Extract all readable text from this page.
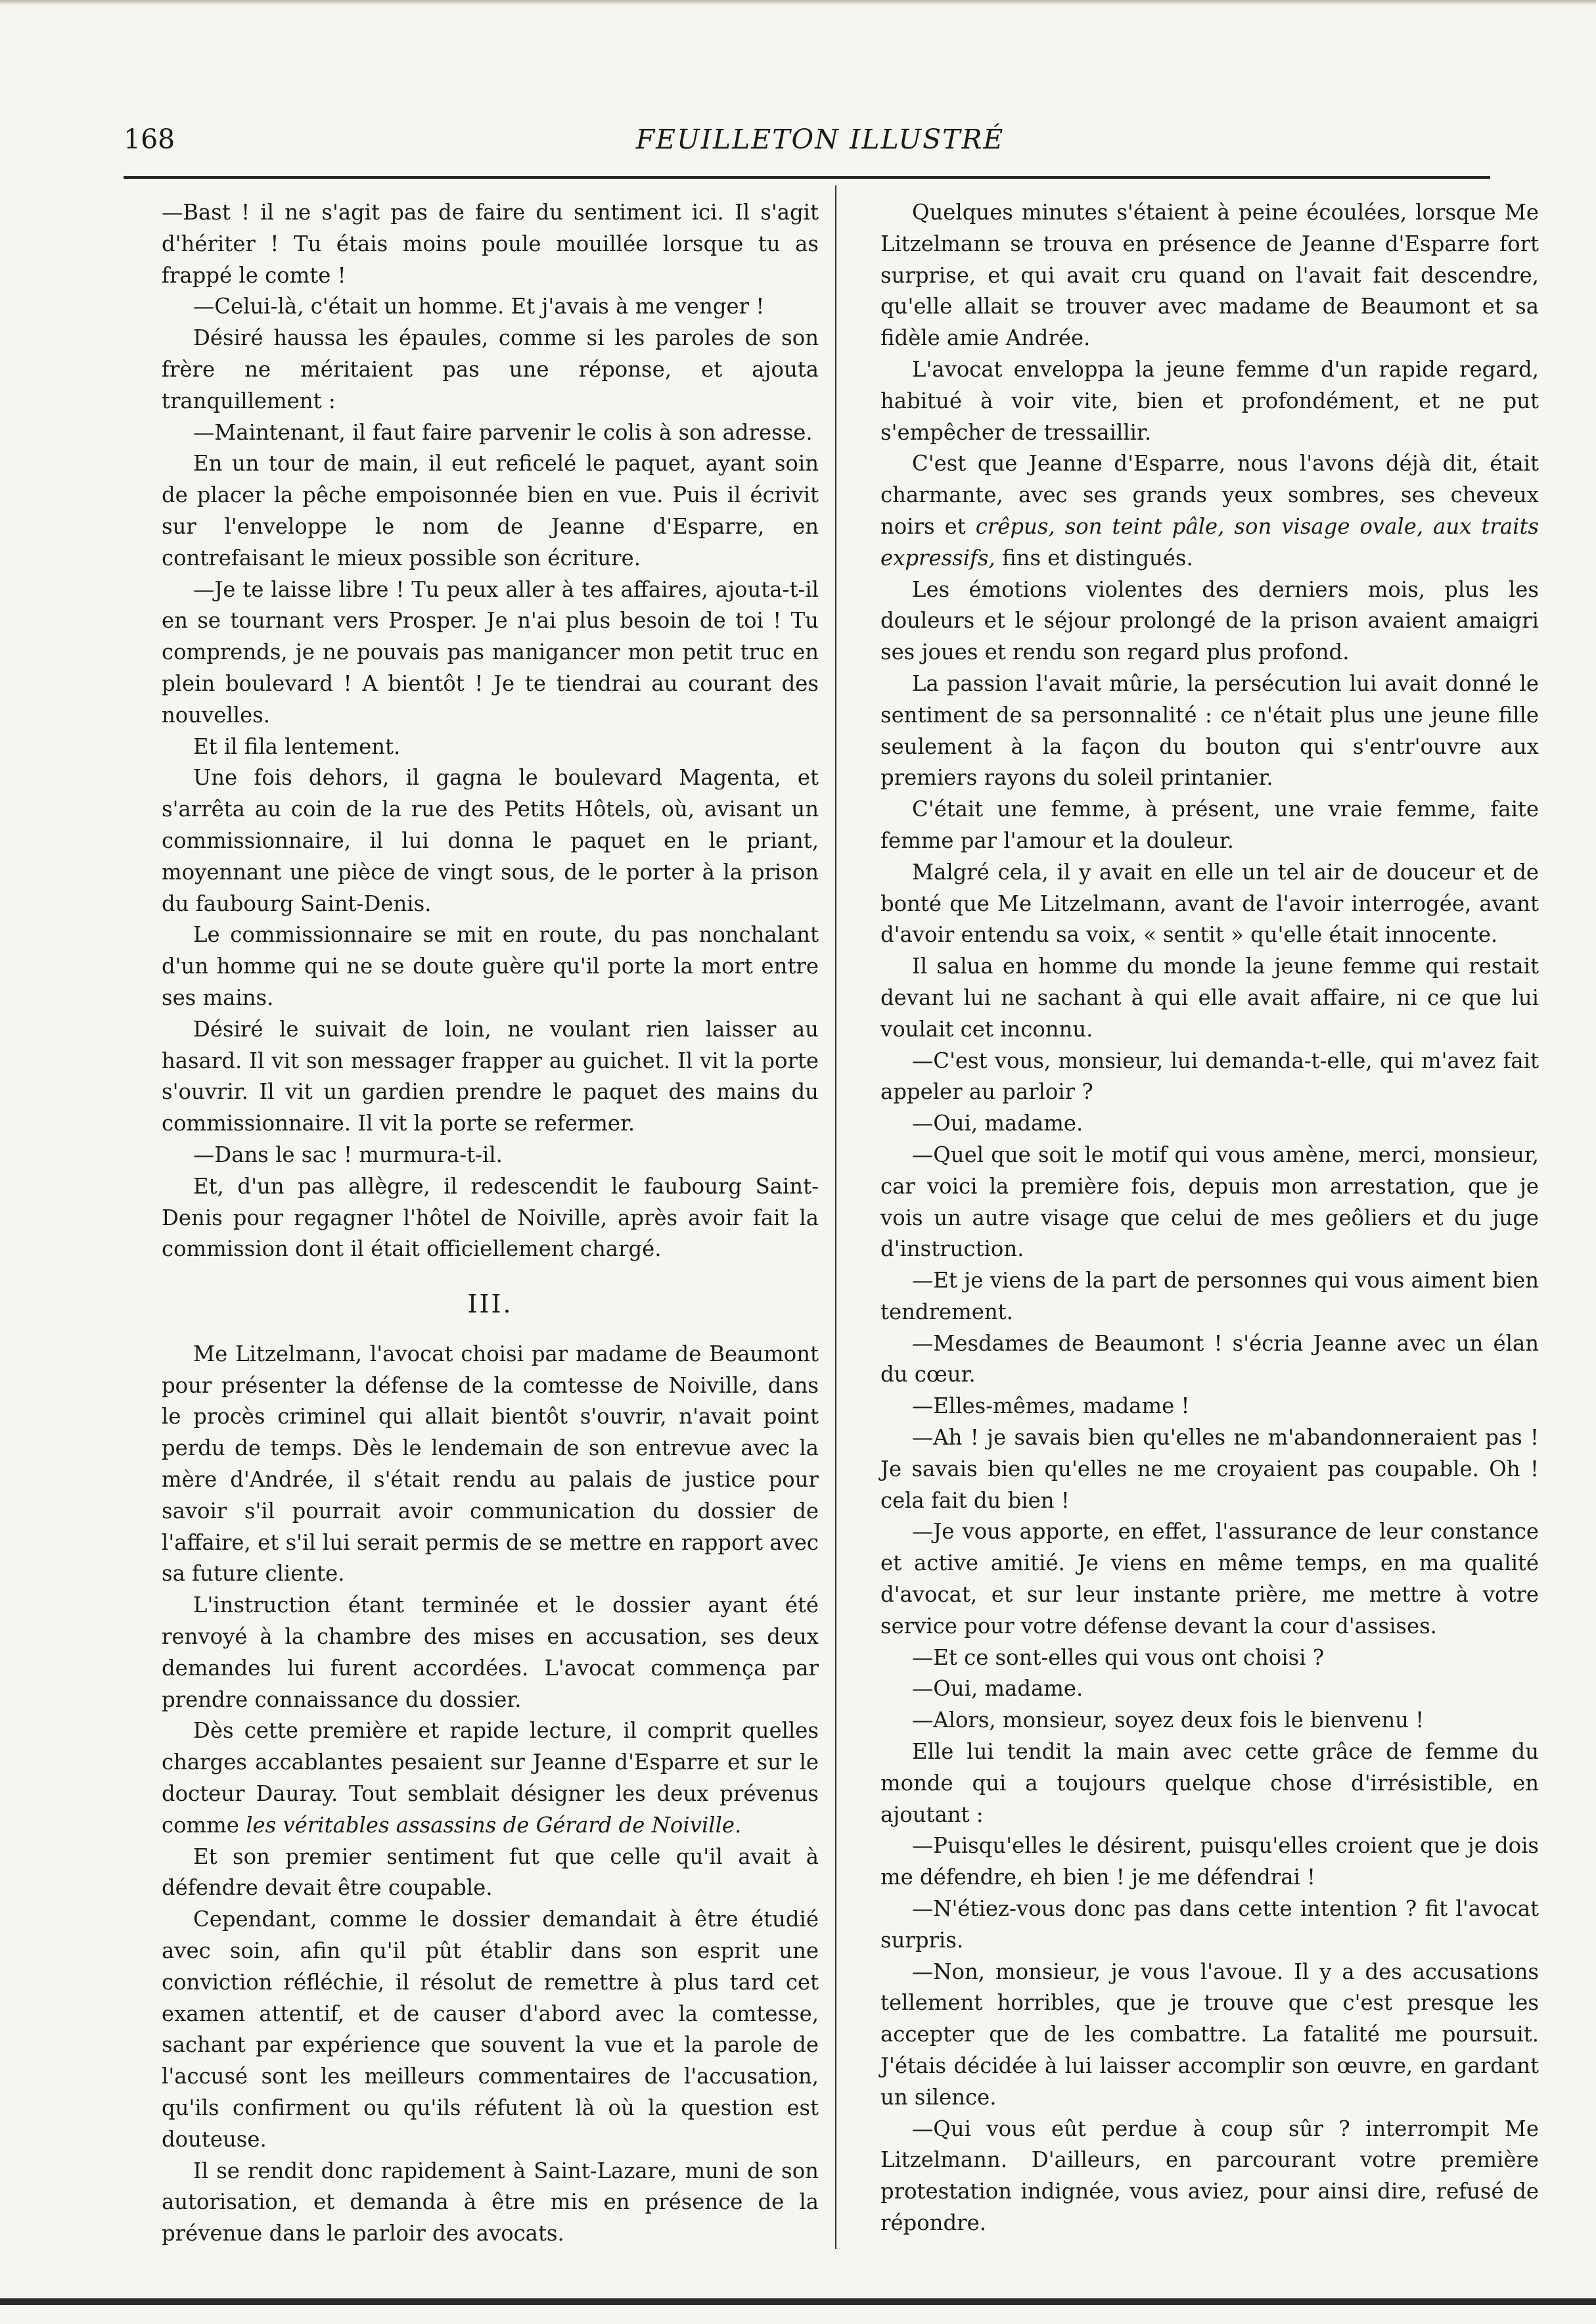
168	FEUILLETON ILLUSTRÉ

—Bast ! il ne s'agit pas de faire du sentiment ici. Il s'agit d'hériter ! Tu étais moins poule mouillée lorsque tu as frappé le comte !

—Celui-là, c'était un homme. Et j'avais à me venger !

Désiré haussa les épaules, comme si les paroles de son frère ne méritaient pas une réponse, et ajouta tranquillement :

—Maintenant, il faut faire parvenir le colis à son adresse.

En un tour de main, il eut reficelé le paquet, ayant soin de placer la pêche empoisonnée bien en vue. Puis il écrivit sur l'enveloppe le nom de Jeanne d'Esparre, en contrefaisant le mieux possible son écriture.

—Je te laisse libre ! Tu peux aller à tes affaires, ajouta-t-il en se tournant vers Prosper. Je n'ai plus besoin de toi ! Tu comprends, je ne pouvais pas manigancer mon petit truc en plein boulevard ! A bientôt ! Je te tiendrai au courant des nouvelles.

Et il fila lentement.

Une fois dehors, il gagna le boulevard Magenta, et s'arrêta au coin de la rue des Petits Hôtels, où, avisant un commissionnaire, il lui donna le paquet en le priant, moyennant une pièce de vingt sous, de le porter à la prison du faubourg Saint-Denis.

Le commissionnaire se mit en route, du pas nonchalant d'un homme qui ne se doute guère qu'il porte la mort entre ses mains.

Désiré le suivait de loin, ne voulant rien laisser au hasard. Il vit son messager frapper au guichet. Il vit la porte s'ouvrir. Il vit un gardien prendre le paquet des mains du commissionnaire. Il vit la porte se refermer.

—Dans le sac ! murmura-t-il.

Et, d'un pas allègre, il redescendit le faubourg Saint-Denis pour regagner l'hôtel de Noiville, après avoir fait la commission dont il était officiellement chargé.

III.

Me Litzelmann, l'avocat choisi par madame de Beaumont pour présenter la défense de la comtesse de Noiville, dans le procès criminel qui allait bientôt s'ouvrir, n'avait point perdu de temps. Dès le lendemain de son entrevue avec la mère d'Andrée, il s'était rendu au palais de justice pour savoir s'il pourrait avoir communication du dossier de l'affaire, et s'il lui serait permis de se mettre en rapport avec sa future cliente.

L'instruction étant terminée et le dossier ayant été renvoyé à la chambre des mises en accusation, ses deux demandes lui furent accordées. L'avocat commença par prendre connaissance du dossier.

Dès cette première et rapide lecture, il comprit quelles charges accablantes pesaient sur Jeanne d'Esparre et sur le docteur Dauray. Tout semblait désigner les deux prévenus comme les véritables assassins de Gérard de Noiville.

Et son premier sentiment fut que celle qu'il avait à défendre devait être coupable.

Cependant, comme le dossier demandait à être étudié avec soin, afin qu'il pût établir dans son esprit une conviction réfléchie, il résolut de remettre à plus tard cet examen attentif, et de causer d'abord avec la comtesse, sachant par expérience que souvent la vue et la parole de l'accusé sont les meilleurs commentaires de l'accusation, qu'ils confirment ou qu'ils réfutent là où la question est douteuse.

Il se rendit donc rapidement à Saint-Lazare, muni de son autorisation, et demanda à être mis en présence de la prévenue dans le parloir des avocats.

Quelques minutes s'étaient à peine écoulées, lorsque Me Litzelmann se trouva en présence de Jeanne d'Esparre fort surprise, et qui avait cru quand on l'avait fait descendre, qu'elle allait se trouver avec madame de Beaumont et sa fidèle amie Andrée.

L'avocat enveloppa la jeune femme d'un rapide regard, habitué à voir vite, bien et profondément, et ne put s'empêcher de tressaillir.

C'est que Jeanne d'Esparre, nous l'avons déjà dit, était charmante, avec ses grands yeux sombres, ses cheveux noirs et crêpus, son teint pâle, son visage ovale, aux traits expressifs, fins et distingués.

Les émotions violentes des derniers mois, plus les douleurs et le séjour prolongé de la prison avaient amaigri ses joues et rendu son regard plus profond.

La passion l'avait mûrie, la persécution lui avait donné le sentiment de sa personnalité : ce n'était plus une jeune fille seulement à la façon du bouton qui s'entr'ouvre aux premiers rayons du soleil printanier.

C'était une femme, à présent, une vraie femme, faite femme par l'amour et la douleur.

Malgré cela, il y avait en elle un tel air de douceur et de bonté que Me Litzelmann, avant de l'avoir interrogée, avant d'avoir entendu sa voix, « sentit » qu'elle était innocente.

Il salua en homme du monde la jeune femme qui restait devant lui ne sachant à qui elle avait affaire, ni ce que lui voulait cet inconnu.

—C'est vous, monsieur, lui demanda-t-elle, qui m'avez fait appeler au parloir ?

—Oui, madame.

—Quel que soit le motif qui vous amène, merci, monsieur, car voici la première fois, depuis mon arrestation, que je vois un autre visage que celui de mes geôliers et du juge d'instruction.

—Et je viens de la part de personnes qui vous aiment bien tendrement.

—Mesdames de Beaumont ! s'écria Jeanne avec un élan du cœur.

—Elles-mêmes, madame !

—Ah ! je savais bien qu'elles ne m'abandonneraient pas ! Je savais bien qu'elles ne me croyaient pas coupable. Oh ! cela fait du bien !

—Je vous apporte, en effet, l'assurance de leur constance et active amitié. Je viens en même temps, en ma qualité d'avocat, et sur leur instante prière, me mettre à votre service pour votre défense devant la cour d'assises.

—Et ce sont-elles qui vous ont choisi ?

—Oui, madame.

—Alors, monsieur, soyez deux fois le bienvenu !

Elle lui tendit la main avec cette grâce de femme du monde qui a toujours quelque chose d'irrésistible, en ajoutant :

—Puisqu'elles le désirent, puisqu'elles croient que je dois me défendre, eh bien ! je me défendrai !

—N'étiez-vous donc pas dans cette intention ? fit l'avocat surpris.

—Non, monsieur, je vous l'avoue. Il y a des accusations tellement horribles, que je trouve que c'est presque les accepter que de les combattre. La fatalité me poursuit. J'étais décidée à lui laisser accomplir son œuvre, en gardant un silence.

—Qui vous eût perdue à coup sûr ? interrompit Me Litzelmann. D'ailleurs, en parcourant votre première protestation indignée, vous aviez, pour ainsi dire, refusé de répondre.
